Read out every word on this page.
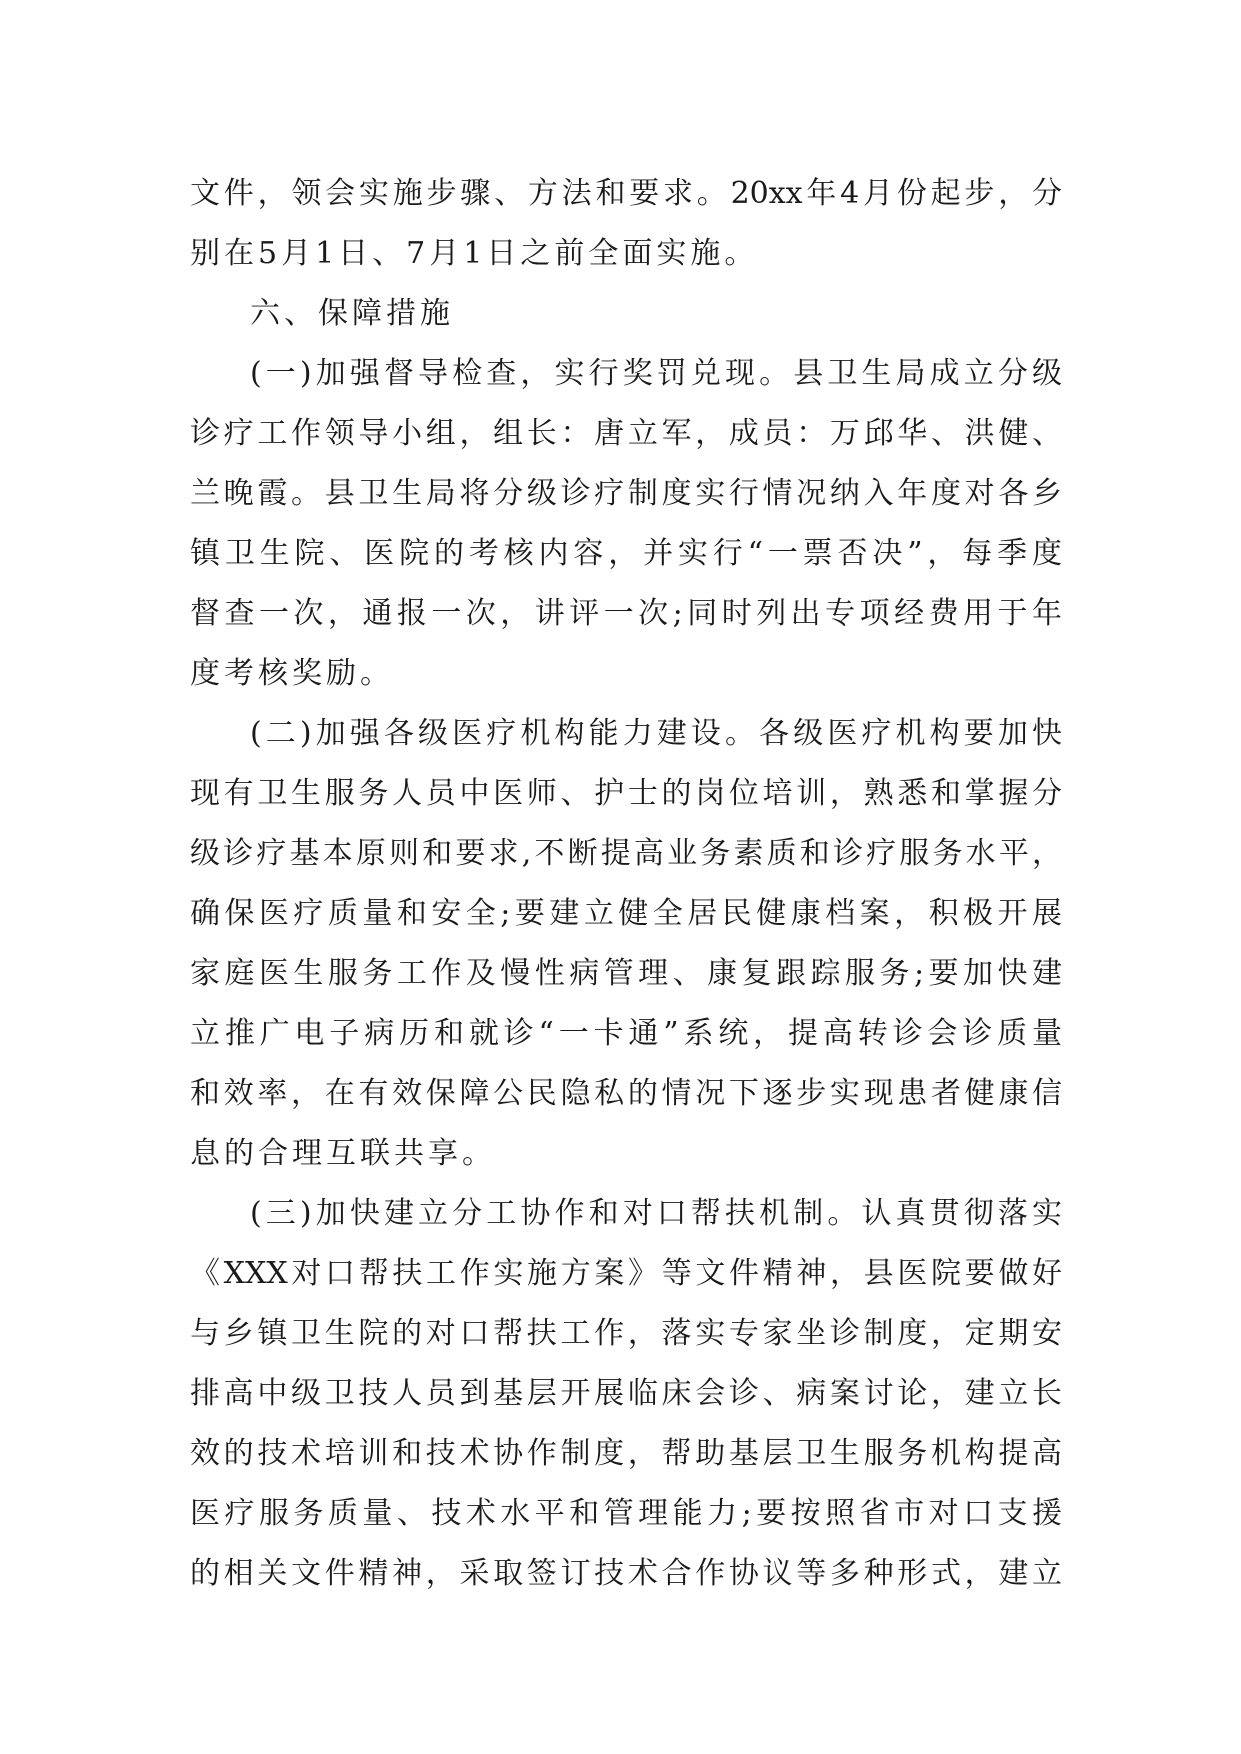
文件，领会实施步骤、方法和要求。20xx年4月份起步，分
别在5月1日、7月1日之前全面实施。
六、保障措施
(一)加强督导检查，实行奖罚兑现。县卫生局成立分级
诊疗工作领导小组，组长：唐立军，成员：万邱华、洪健、
兰晚霞。县卫生局将分级诊疗制度实行情况纳入年度对各乡
镇卫生院、医院的考核内容，并实行“一票否决”，每季度
督查一次，通报一次，讲评一次;同时列出专项经费用于年
度考核奖励。
(二)加强各级医疗机构能力建设。各级医疗机构要加快
现有卫生服务人员中医师、护士的岗位培训，熟悉和掌握分
级诊疗基本原则和要求,不断提高业务素质和诊疗服务水平，
确保医疗质量和安全;要建立健全居民健康档案，积极开展
家庭医生服务工作及慢性病管理、康复跟踪服务;要加快建
立推广电子病历和就诊“一卡通”系统，提高转诊会诊质量
和效率，在有效保障公民隐私的情况下逐步实现患者健康信
息的合理互联共享。
(三)加快建立分工协作和对口帮扶机制。认真贯彻落实
《XXX对口帮扶工作实施方案》等文件精神，县医院要做好
与乡镇卫生院的对口帮扶工作，落实专家坐诊制度，定期安
排高中级卫技人员到基层开展临床会诊、病案讨论，建立长
效的技术培训和技术协作制度，帮助基层卫生服务机构提高
医疗服务质量、技术水平和管理能力;要按照省市对口支援
的相关文件精神，采取签订技术合作协议等多种形式，建立
